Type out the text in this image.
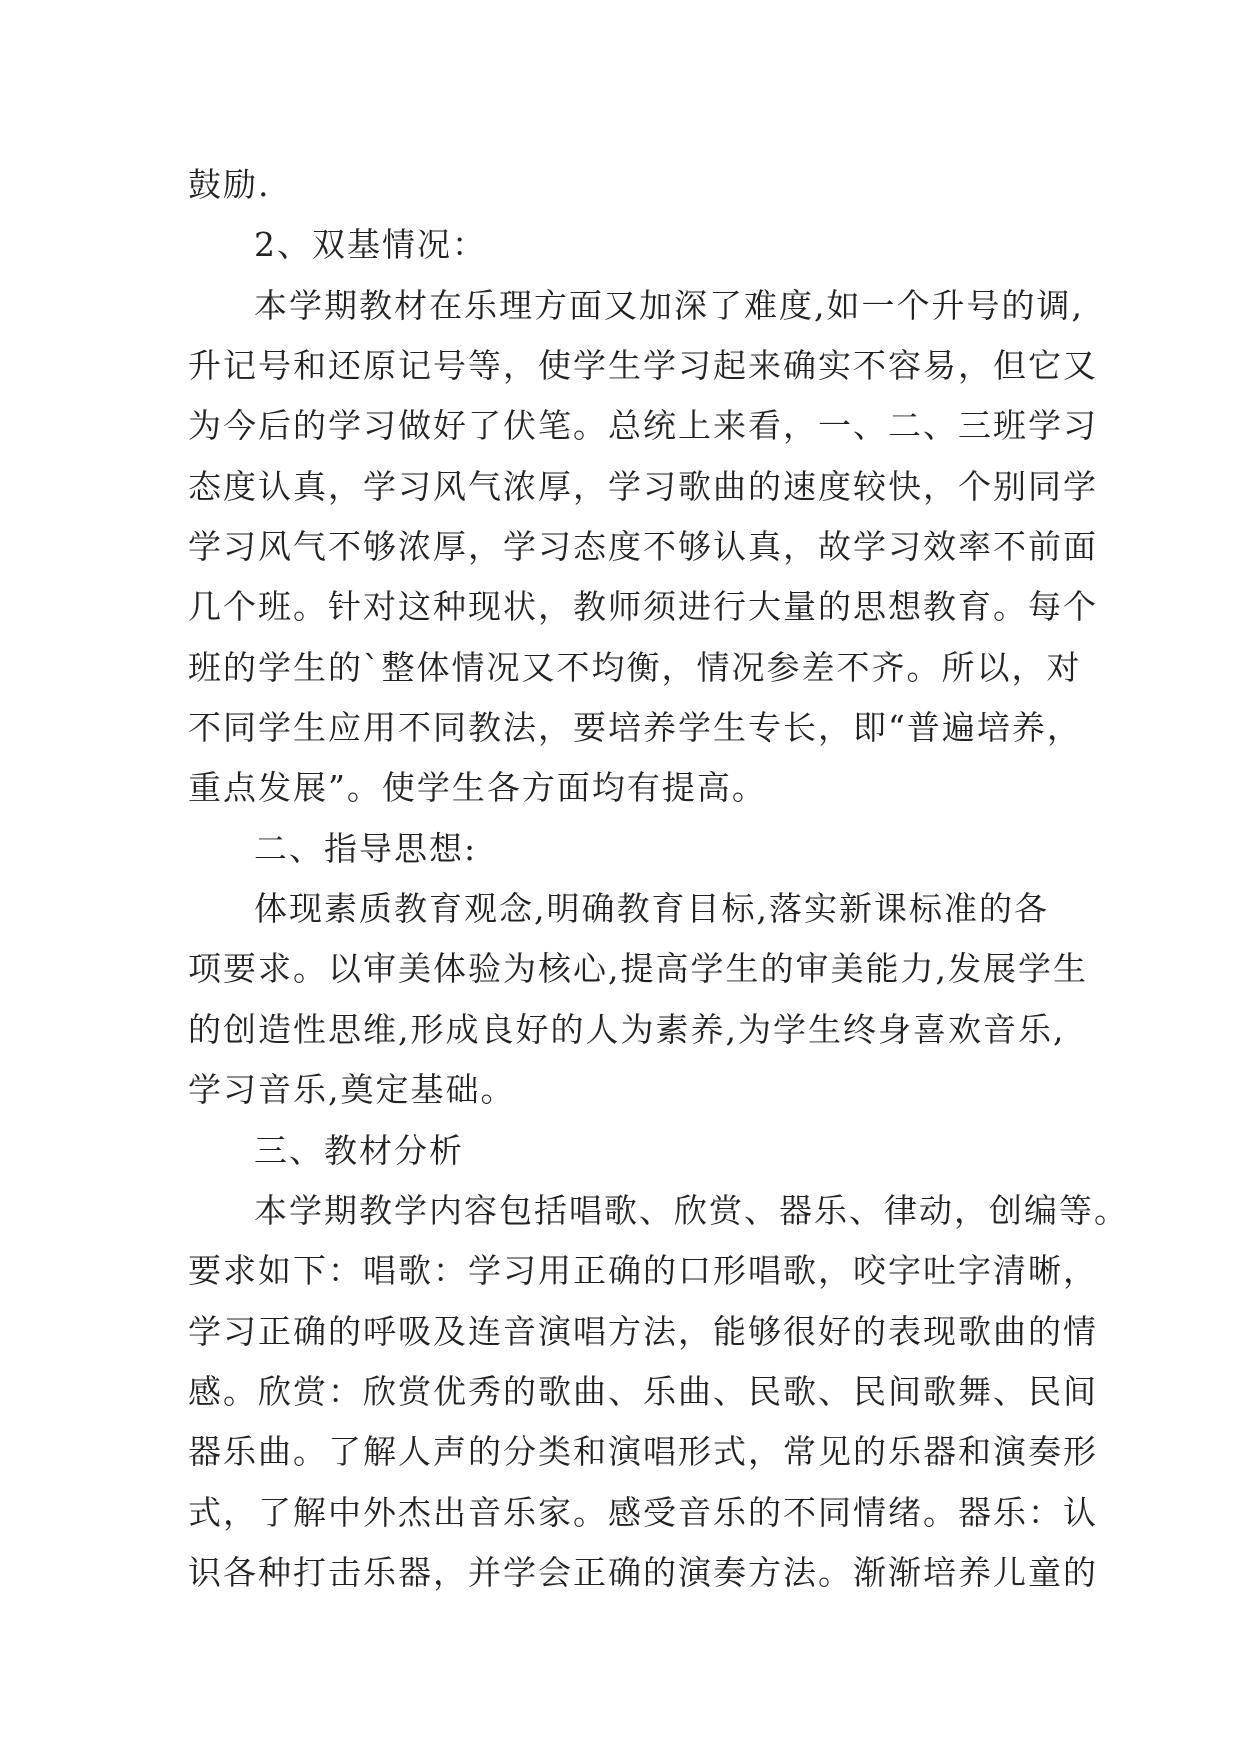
鼓励.
2、双基情况：
本学期教材在乐理方面又加深了难度,如一个升号的调,
升记号和还原记号等，使学生学习起来确实不容易，但它又
为今后的学习做好了伏笔。总统上来看，一、二、三班学习
态度认真，学习风气浓厚，学习歌曲的速度较快，个别同学
学习风气不够浓厚，学习态度不够认真，故学习效率不前面
几个班。针对这种现状，教师须进行大量的思想教育。每个
班的学生的`整体情况又不均衡，情况参差不齐。所以，对
不同学生应用不同教法，要培养学生专长，即“普遍培养，
重点发展”。使学生各方面均有提高。
二、指导思想:
体现素质教育观念,明确教育目标,落实新课标准的各
项要求。以审美体验为核心,提高学生的审美能力,发展学生
的创造性思维,形成良好的人为素养,为学生终身喜欢音乐,
学习音乐,奠定基础。
三、教材分析
本学期教学内容包括唱歌、欣赏、器乐、律动，创编等。
要求如下：唱歌：学习用正确的口形唱歌，咬字吐字清晰，
学习正确的呼吸及连音演唱方法，能够很好的表现歌曲的情
感。欣赏：欣赏优秀的歌曲、乐曲、民歌、民间歌舞、民间
器乐曲。了解人声的分类和演唱形式，常见的乐器和演奏形
式，了解中外杰出音乐家。感受音乐的不同情绪。器乐：认
识各种打击乐器，并学会正确的演奏方法。渐渐培养儿童的
